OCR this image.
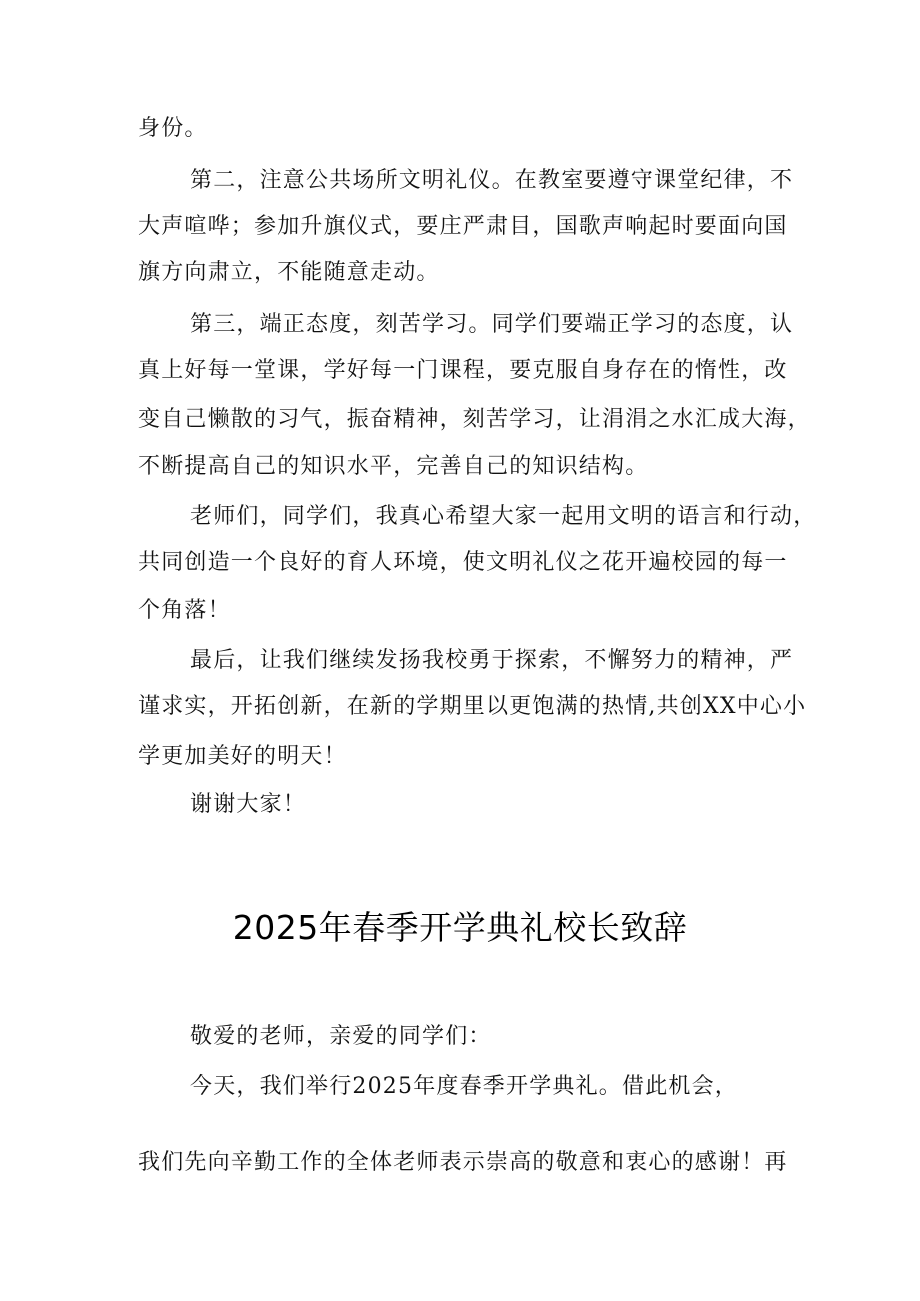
身份。
第二，注意公共场所文明礼仪。在教室要遵守课堂纪律，不
大声喧哗；参加升旗仪式，要庄严肃目，国歌声响起时要面向国
旗方向肃立，不能随意走动。
第三，端正态度，刻苦学习。同学们要端正学习的态度，认
真上好每一堂课，学好每一门课程，要克服自身存在的惰性，改
变自己懒散的习气，振奋精神，刻苦学习，让涓涓之水汇成大海，
不断提高自己的知识水平，完善自己的知识结构。
老师们，同学们，我真心希望大家一起用文明的语言和行动，
共同创造一个良好的育人环境，使文明礼仪之花开遍校园的每一
个角落！
最后，让我们继续发扬我校勇于探索，不懈努力的精神，严
谨求实，开拓创新，在新的学期里以更饱满的热情,共创XX中心小
学更加美好的明天！
谢谢大家！
2025年春季开学典礼校长致辞
敬爱的老师，亲爱的同学们：
今天，我们举行2025年度春季开学典礼。借此机会，
我们先向辛勤工作的全体老师表示崇高的敬意和衷心的感谢！再
